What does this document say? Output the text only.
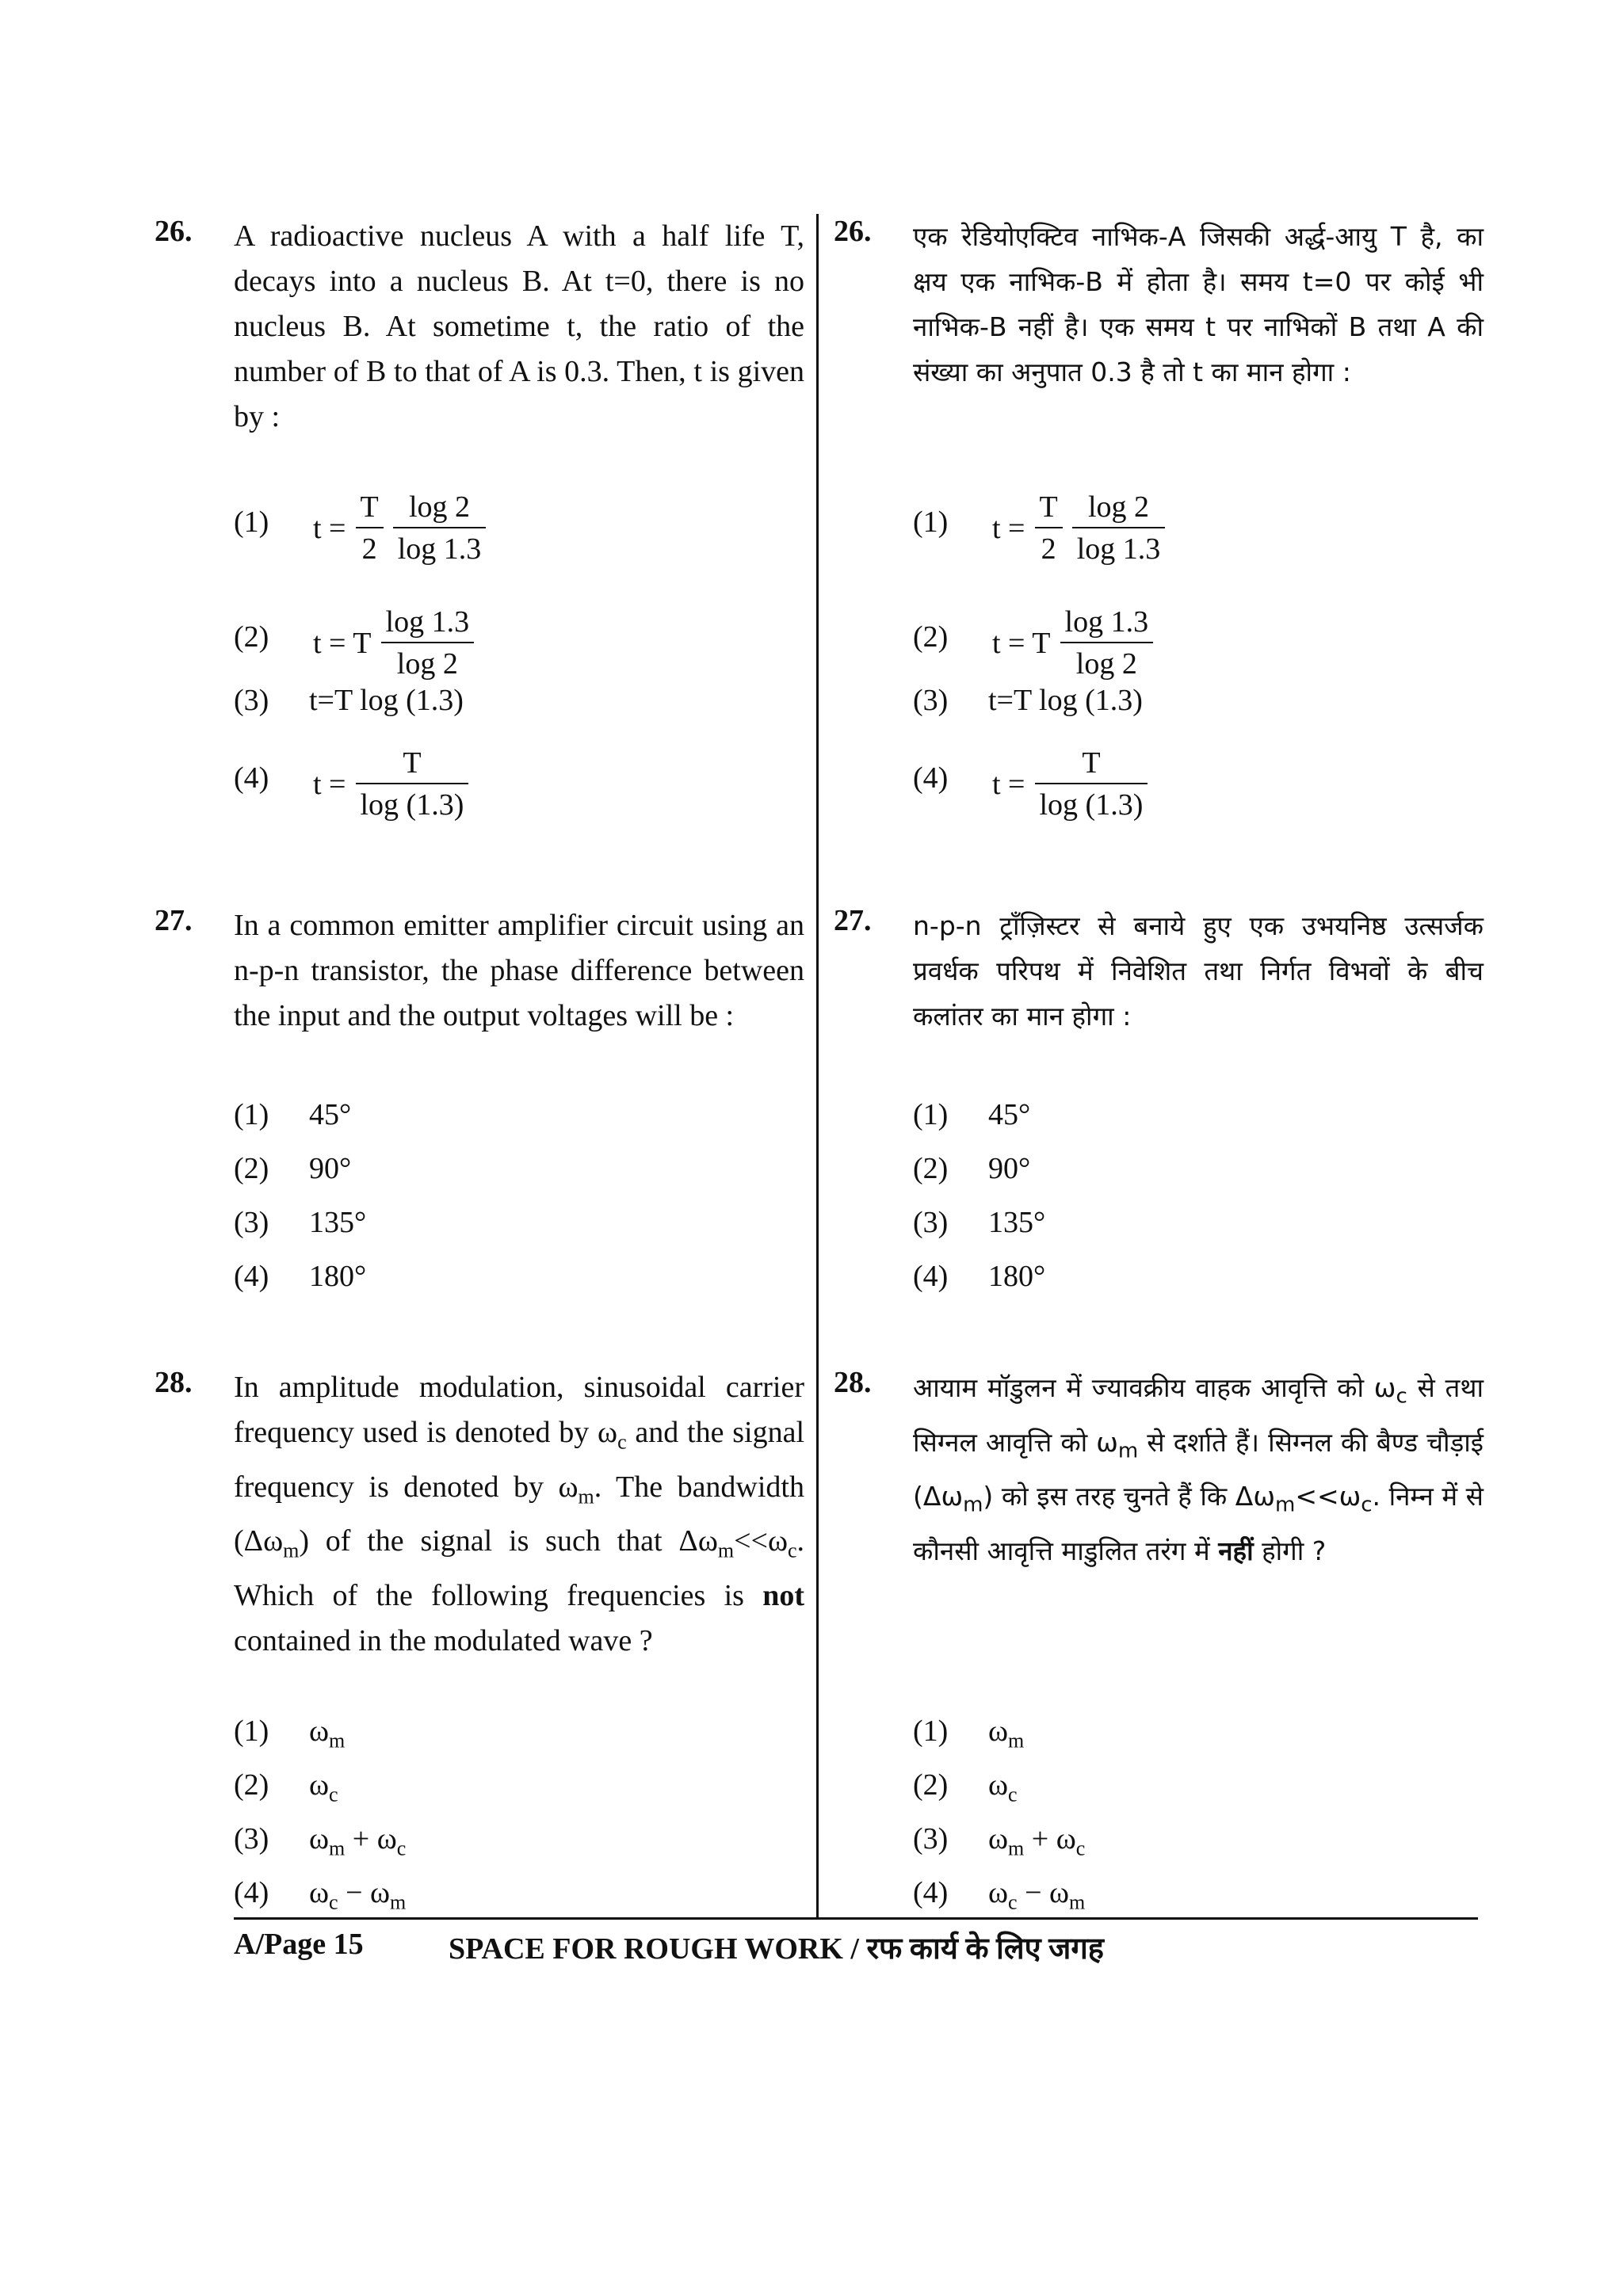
26. A radioactive nucleus A with a half life T, decays into a nucleus B. At t=0, there is no nucleus B. At sometime t, the ratio of the number of B to that of A is 0.3. Then, t is given by :
(1) $t = \frac{T}{2} \frac{\log 2}{\log 1.3}$
(2) t = T $\frac{\log 1.3}{\log 2}$
(3) t=T log (1.3)
(4) $t = \frac{T}{\log (1.3)}$
27. In a common emitter amplifier circuit using an n-p-n transistor, the phase difference between the input and the output voltages will be :
(1) 45°
(2) 90°
(3) 135°
(4) 180°
28. In amplitude modulation, sinusoidal carrier frequency used is denoted by $\omega_c$ and the signal frequency is denoted by $\omega_m$. The bandwidth $(\Delta\omega_m)$ of the signal is such that $\Delta\omega_m<<\omega_c$. Which of the following frequencies is not contained in the modulated wave ?
(1) $\omega_m$
(2) $\omega_c$
(3) $\omega_m + \omega_c$
(4) $\omega_c - \omega_m$
26. एक रेडियोएक्टिव नाभिक-A जिसकी अर्द्ध-आयु T है, का क्षय एक नाभिक-B में होता है। समय t=0 पर कोई भी नाभिक-B नहीं है। एक समय t पर नाभिकों B तथा A की संख्या का अनुपात 0.3 है तो t का मान होगा :
(1) $t = \frac{T}{2} \frac{\log 2}{\log 1.3}$
(2) t = T $\frac{\log 1.3}{\log 2}$
(3) t=T log (1.3)
(4) $t = \frac{T}{\log (1.3)}$
27. n-p-n ट्रॉंज़िस्टर से बनाये हुए एक उभयनिष्ठ उत्सर्जक प्रवर्धक परिपथ में निवेशित तथा निर्गत विभवों के बीच कलांतर का मान होगा :
(1) 45°
(2) 90°
(3) 135°
(4) 180°
28. आयाम मॉडुलन में ज्यावक्रीय वाहक आवृत्ति को $\omega_c$ से तथा सिग्नल आवृत्ति को $\omega_m$ से दर्शाते हैं। सिग्नल की बैण्ड चौड़ाई $(\Delta\omega_m)$ को इस तरह चुनते हैं कि $\Delta\omega_m<<\omega_c$. निम्न में से कौनसी आवृत्ति माडुलित तरंग में नहीं होगी ?
(1) $\omega_m$
(2) $\omega_c$
(3) $\omega_m + \omega_c$
(4) $\omega_c - \omega_m$
A/Page 15	SPACE FOR ROUGH WORK / रफ कार्य के लिए जगह
